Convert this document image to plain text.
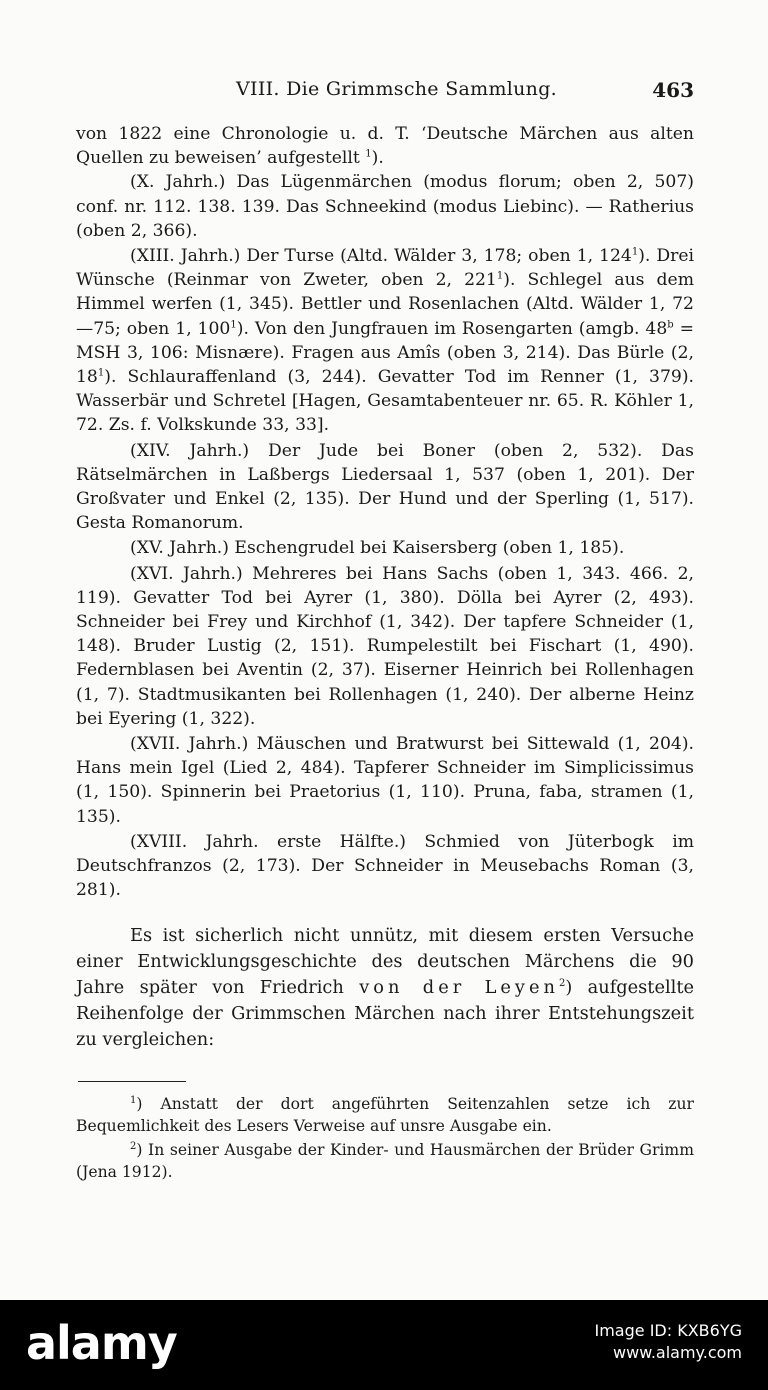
VIII. Die Grimmsche Sammlung.	463

von 1822 eine Chronologie u. d. T. ‘Deutsche Märchen aus alten Quellen zu beweisen’ aufgestellt $^1$).

(X. Jahrh.) Das Lügenmärchen (modus florum; oben 2, 507) conf. nr. 112. 138. 139. Das Schneekind (modus Liebinc). — Ratherius (oben 2, 366).

(XIII. Jahrh.) Der Turse (Altd. Wälder 3, 178; oben 1, $124^1$). Drei Wünsche (Reinmar von Zweter, oben 2, $221^1$). Schlegel aus dem Himmel werfen (1, 345). Bettler und Rosenlachen (Altd. Wälder 1, 72—75; oben 1, $100^1$). Von den Jungfrauen im Rosengarten (amgb. $48^b$ = MSH 3, 106: Misnære). Fragen aus Amîs (oben 3, 214). Das Bürle (2, $18^1$). Schlauraffenland (3, 244). Gevatter Tod im Renner (1, 379). Wasserbär und Schretel [Hagen, Gesamtabenteuer nr. 65. R. Köhler 1, 72. Zs. f. Volkskunde 33, 33].

(XIV. Jahrh.) Der Jude bei Boner (oben 2, 532). Das Rätselmärchen in Laßbergs Liedersaal 1, 537 (oben 1, 201). Der Großvater und Enkel (2, 135). Der Hund und der Sperling (1, 517). Gesta Romanorum.

(XV. Jahrh.) Eschengrudel bei Kaisersberg (oben 1, 185).

(XVI. Jahrh.) Mehreres bei Hans Sachs (oben 1, 343. 466. 2, 119). Gevatter Tod bei Ayrer (1, 380). Dölla bei Ayrer (2, 493). Schneider bei Frey und Kirchhof (1, 342). Der tapfere Schneider (1, 148). Bruder Lustig (2, 151). Rumpelestilt bei Fischart (1, 490). Federnblasen bei Aventin (2, 37). Eiserner Heinrich bei Rollenhagen (1, 7). Stadtmusikanten bei Rollenhagen (1, 240). Der alberne Heinz bei Eyering (1, 322).

(XVII. Jahrh.) Mäuschen und Bratwurst bei Sittewald (1, 204). Hans mein Igel (Lied 2, 484). Tapferer Schneider im Simplicissimus (1, 150). Spinnerin bei Praetorius (1, 110). Pruna, faba, stramen (1, 135).

(XVIII. Jahrh. erste Hälfte.) Schmied von Jüterbogk im Deutschfranzos (2, 173). Der Schneider in Meusebachs Roman (3, 281).

Es ist sicherlich nicht unnütz, mit diesem ersten Versuche einer Entwicklungsgeschichte des deutschen Märchens die 90 Jahre später von Friedrich von der Leyen$^2$) aufgestellte Reihenfolge der Grimmschen Märchen nach ihrer Entstehungszeit zu vergleichen:

$^1$) Anstatt der dort angeführten Seitenzahlen setze ich zur Bequemlichkeit des Lesers Verweise auf unsre Ausgabe ein.

$^2$) In seiner Ausgabe der Kinder- und Hausmärchen der Brüder Grimm (Jena 1912).

alamy	Image ID: KXB6YG
www.alamy.com
